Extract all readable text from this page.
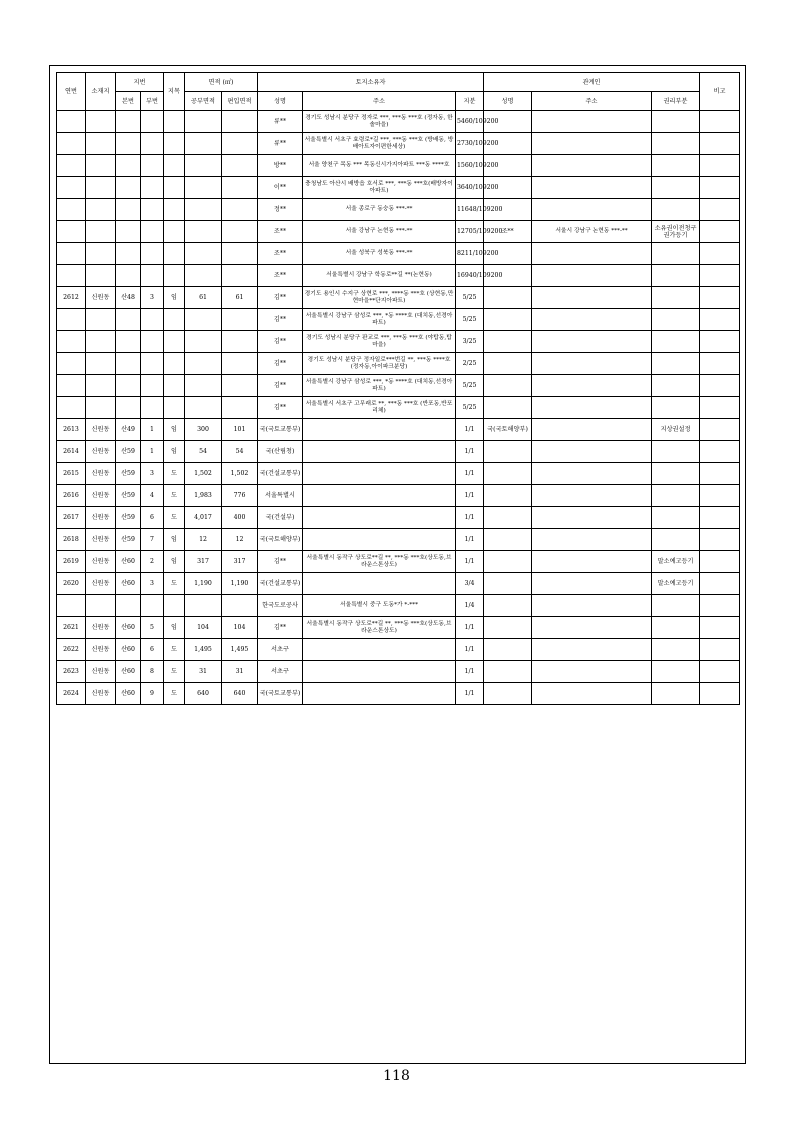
연번	소재지	지번		지목	면적 (㎡)		토지소유자			관계인			비고
		본번	부번		공부면적	편입면적	성명	주소	지분	성명	주소	권리부분	
							류**	경기도 성남시 분당구 정자로 ***, ***동 ***호 (정자동, 한솔마을)	5460/109200				
							류**	서울특별시 서초구 효령로*길 ***, ***동 ***호 (방배동, 방배아트자이편한세상)	2730/109200				
							방**	서울 양천구 목동 *** 목동신시가지아파트 ***동 ****호	1560/109200				
							이**	충청남도 아산시 배방읍 호서로 ***, ***동 ***호(배방자이아파트)	3640/109200				
							정**	서울 종로구 동숭동 ***-**	11648/109200				
							조**	서울 강남구 논현동 ***-**	12705/109200	조**	서울시 강남구 논현동 ***-**	소유권이전청구권가등기	
							조**	서울 성북구 성북동 ***-**	8211/109200				
							조**	서울특별시 강남구 학동로**길 **(논현동)	16940/109200				
2612	신원동	산48	3	임	61	61	김**	경기도 용인시 수지구 상현로 ***, ****동 ***호 (상현동,만현마을**단지아파트)	5/25				
							김**	서울특별시 강남구 삼성로 ***, *동 ****호 (대치동,선경아파트)	5/25				
							김**	경기도 성남시 분당구 판교로 ***, ***동 ***호 (야탑동,탑마을)	3/25				
							김**	경기도 성남시 분당구 정자일로***번길 **, ***동 ****호 (정자동,아이파크분당)	2/25				
							김**	서울특별시 강남구 삼성로 ***, *동 ****호 (대치동,선경아파트)	5/25				
							김**	서울특별시 서초구 고무래로 **, ***동 ***호 (반포동,반포리체)	5/25				
2613	신원동	산49	1	임	300	101	국(국토교통부)		1/1	국(국토해양부)		지상권설정	
2614	신원동	산59	1	임	54	54	국(산림청)		1/1				
2615	신원동	산59	3	도	1,502	1,502	국(건설교통부)		1/1				
2616	신원동	산59	4	도	1,983	776	서울특별시		1/1				
2617	신원동	산59	6	도	4,017	400	국(건설부)		1/1				
2618	신원동	산59	7	임	12	12	국(국토해양부)		1/1				
2619	신원동	산60	2	임	317	317	김**	서울특별시 동작구 상도로**길 **, ***동 ***호(상도동,브라운스톤상도)	1/1			말소예고등기	
2620	신원동	산60	3	도	1,190	1,190	국(건설교통부)		3/4			말소예고등기	
							한국도로공사	서울특별시 중구 도동*가 *-***	1/4				
2621	신원동	산60	5	임	104	104	김**	서울특별시 동작구 상도로**길 **, ***동 ***호(상도동,브라운스톤상도)	1/1				
2622	신원동	산60	6	도	1,495	1,495	서초구		1/1				
2623	신원동	산60	8	도	31	31	서초구		1/1				
2624	신원동	산60	9	도	640	640	국(국토교통부)		1/1				
118
